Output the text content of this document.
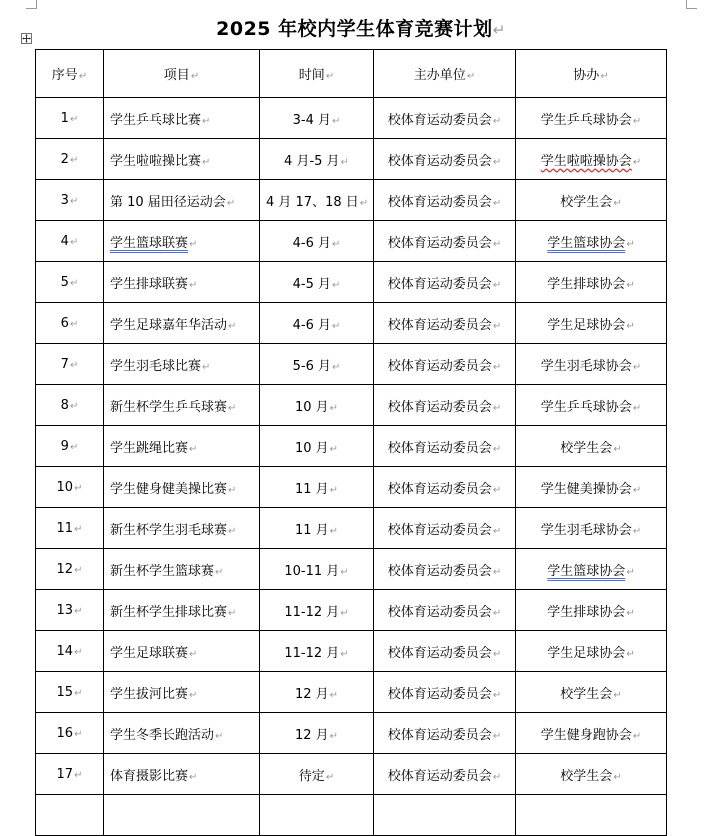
2025 年校内学生体育竞赛计划↵
序号↵	项目↵	时间↵	主办单位↵	协办↵
1↵	学生乒乓球比赛↵	3-4 月↵	校体育运动委员会↵	学生乒乓球协会↵
2↵	学生啦啦操比赛↵	4 月-5 月↵	校体育运动委员会↵	学生啦啦操协会↵
3↵	第 10 届田径运动会↵	4 月 17、18 日↵	校体育运动委员会↵	校学生会↵
4↵	学生篮球联赛↵	4-6 月↵	校体育运动委员会↵	学生篮球协会↵
5↵	学生排球联赛↵	4-5 月↵	校体育运动委员会↵	学生排球协会↵
6↵	学生足球嘉年华活动↵	4-6 月↵	校体育运动委员会↵	学生足球协会↵
7↵	学生羽毛球比赛↵	5-6 月↵	校体育运动委员会↵	学生羽毛球协会↵
8↵	新生杯学生乒乓球赛↵	10 月↵	校体育运动委员会↵	学生乒乓球协会↵
9↵	学生跳绳比赛↵	10 月↵	校体育运动委员会↵	校学生会↵
10↵	学生健身健美操比赛↵	11 月↵	校体育运动委员会↵	学生健美操协会↵
11↵	新生杯学生羽毛球赛↵	11 月↵	校体育运动委员会↵	学生羽毛球协会↵
12↵	新生杯学生篮球赛↵	10-11 月↵	校体育运动委员会↵	学生篮球协会↵
13↵	新生杯学生排球比赛↵	11-12 月↵	校体育运动委员会↵	学生排球协会↵
14↵	学生足球联赛↵	11-12 月↵	校体育运动委员会↵	学生足球协会↵
15↵	学生拔河比赛↵	12 月↵	校体育运动委员会↵	校学生会↵
16↵	学生冬季长跑活动↵	12 月↵	校体育运动委员会↵	学生健身跑协会↵
17↵	体育摄影比赛↵	待定↵	校体育运动委员会↵	校学生会↵
